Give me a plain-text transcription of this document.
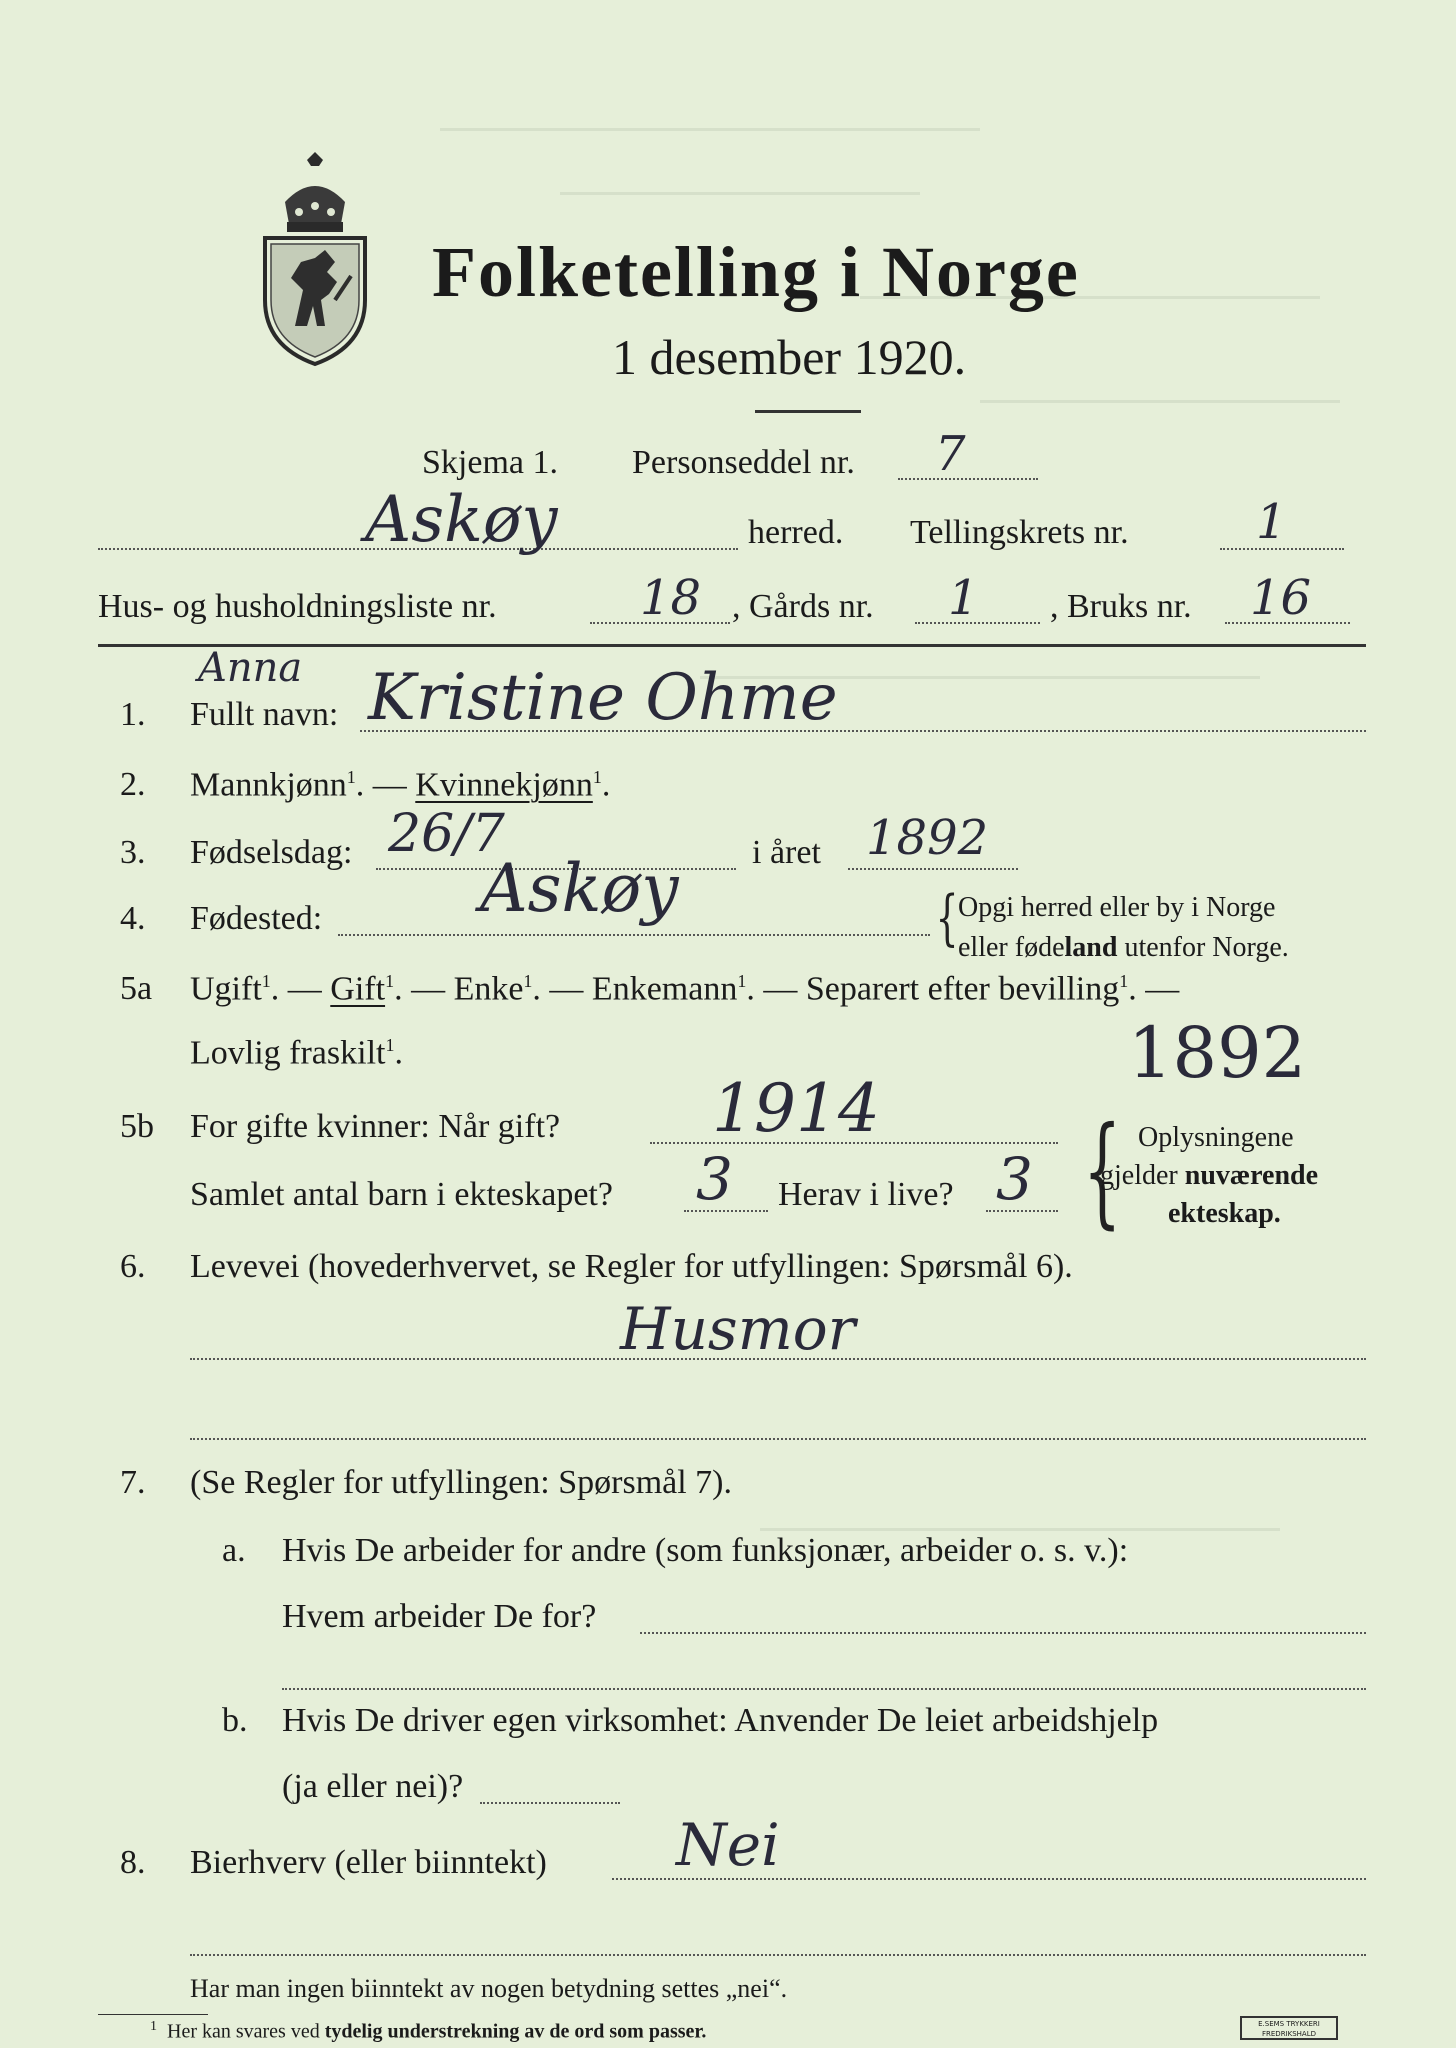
Folketelling i Norge
1 desember 1920.
Skjema 1. Personseddel nr. 7
Askøy	herred. Tellingskrets nr.	1
Hus- og husholdningsliste nr.	18 , Gårds nr. 1 , Bruks nr. 16
Anna
1. Fullt navn: Kristine Ohme
2. Mannkjønn$^1$. — Kvinnekjønn$^1$.
3. Fødselsdag: 26/7	i året 1892
4. Fødested: Askøy	{ Opgi herred eller by i Norge
eller fødeland utenfor Norge.
5a Ugift$^1$. — Gift$^1$. — Enke$^1$. — Enkemann$^1$. — Separert efter bevilling$^1$. —
Lovlig fraskilt$^1$.	1892
5b For gifte kvinner: Når gift? 1914
Samlet antal barn i ekteskapet? 3 Herav i live? 3 { Oplysningene
gjelder nuværende
ekteskap.
6. Levevei (hovederhvervet, se Regler for utfyllingen: Spørsmål 6).
Husmor
7. (Se Regler for utfyllingen: Spørsmål 7).
a. Hvis De arbeider for andre (som funksjonær, arbeider o. s. v.):
Hvem arbeider De for?
b. Hvis De driver egen virksomhet: Anvender De leiet arbeidshjelp
(ja eller nei)?
8. Bierhverv (eller biinntekt) Nei
Har man ingen biinntekt av nogen betydning settes „nei“.
$^1$ Her kan svares ved tydelig understrekning av de ord som passer.	E.SEMS TRYKKERI
FREDRIKSHALD
